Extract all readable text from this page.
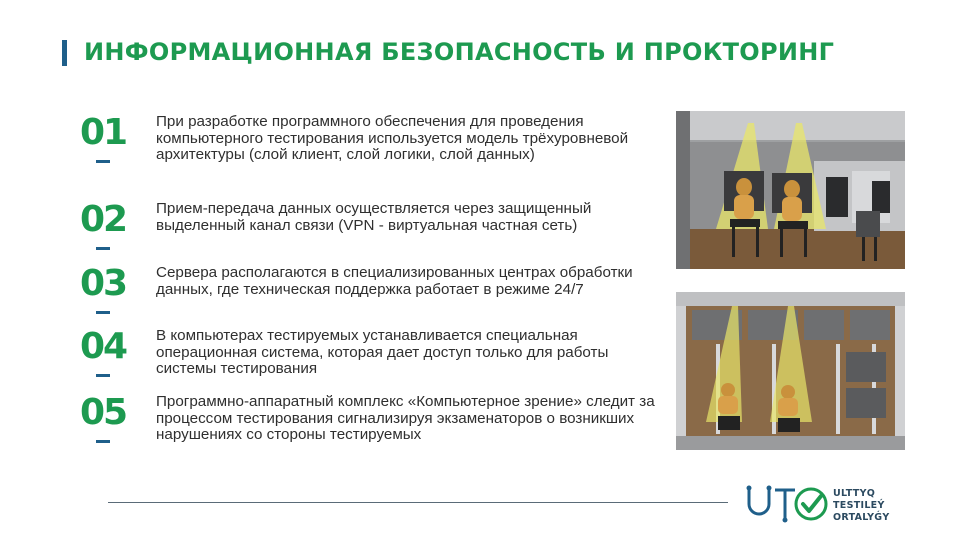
ИНФОРМАЦИОННАЯ БЕЗОПАСНОСТЬ И ПРОКТОРИНГ
01	При разработке программного обеспечения для проведения компьютерного тестирования используется модель трёхуровневой архитектуры (слой клиент, слой логики, слой данных)
02	Прием-передача данных осуществляется через защищенный выделенный канал связи (VPN - виртуальная частная сеть)
03	Сервера располагаются в специализированных центрах обработки данных, где техническая поддержка работает в режиме 24/7
04	В компьютерах тестируемых устанавливается специальная операционная система, которая дает доступ только для работы системы тестирования
05	Программно-аппаратный комплекс «Компьютерное зрение» следит за процессом тестирования сигнализируя экзаменаторов о возникших нарушениях со стороны тестируемых
ULTTYQ
TESTILEÝ
ORTALYǴY
